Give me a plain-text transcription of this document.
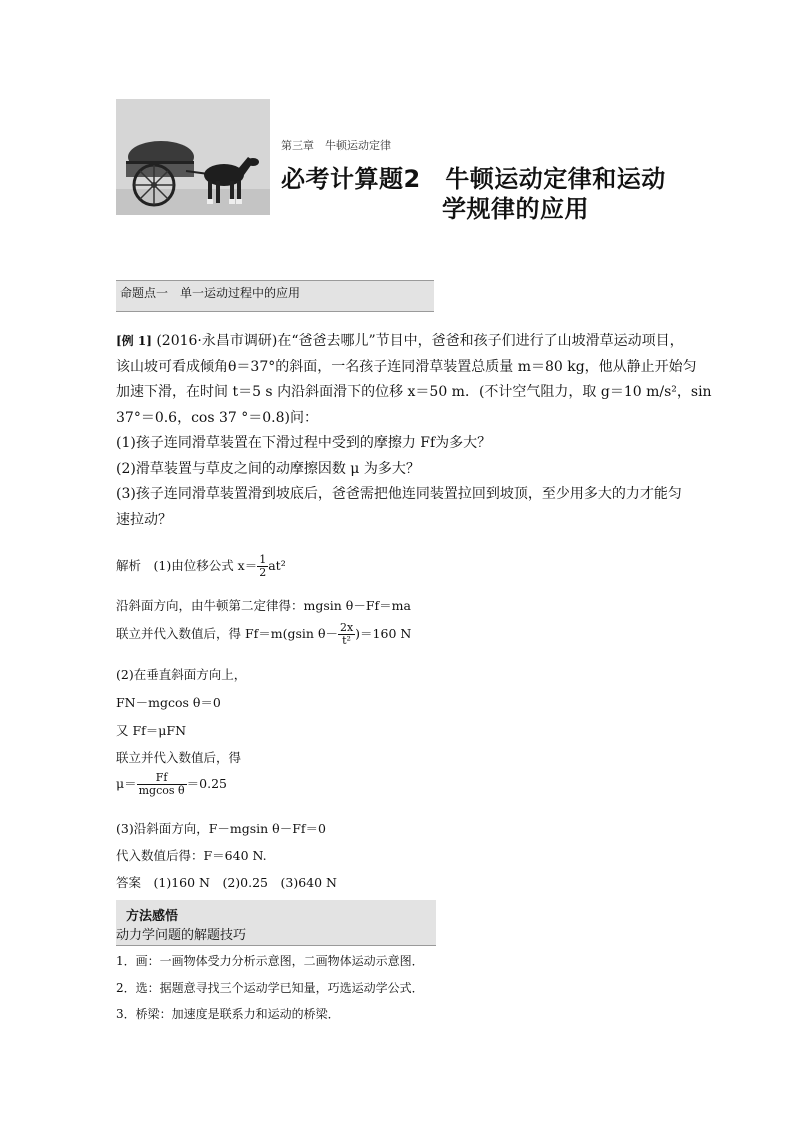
第三章　牛顿运动定律
必考计算题2　牛顿运动定律和运动
学规律的应用
命题点一　单一运动过程中的应用
[例 1] (2016·永昌市调研)在“爸爸去哪儿”节目中，爸爸和孩子们进行了山坡滑草运动项目，
该山坡可看成倾角θ＝37°的斜面，一名孩子连同滑草装置总质量 m＝80 kg，他从静止开始匀
加速下滑，在时间 t＝5 s 内沿斜面滑下的位移 x＝50 m．(不计空气阻力，取 g＝10 m/s²，sin
37°＝0.6，cos 37 °＝0.8)问：
(1)孩子连同滑草装置在下滑过程中受到的摩擦力 Ff为多大？
(2)滑草装置与草皮之间的动摩擦因数 μ 为多大？
(3)孩子连同滑草装置滑到坡底后，爸爸需把他连同装置拉回到坡顶，至少用多大的力才能匀
速拉动？
解析　(1)由位移公式 $x= \frac{1}{2} at^2$
沿斜面方向，由牛顿第二定律得：mgsin θ－Ff＝ma
联立并代入数值后，得 Ff＝m(gsin $\theta- \frac{2x}{\text{t²}} )=160$ N
(2)在垂直斜面方向上，
FN－mgcos θ＝0
又 Ff＝μFN
联立并代入数值后，得
$\mu= \frac{Ff}{\text{mgcos θ}} =0.25$
(3)沿斜面方向，F－mgsin θ－Ff＝0
代入数值后得：F＝640 N.
答案　(1)160 N　(2)0.25　(3)640 N
方法感悟
动力学问题的解题技巧
1．画：一画物体受力分析示意图，二画物体运动示意图．
2．选：据题意寻找三个运动学已知量，巧选运动学公式．
3．桥梁：加速度是联系力和运动的桥梁．
